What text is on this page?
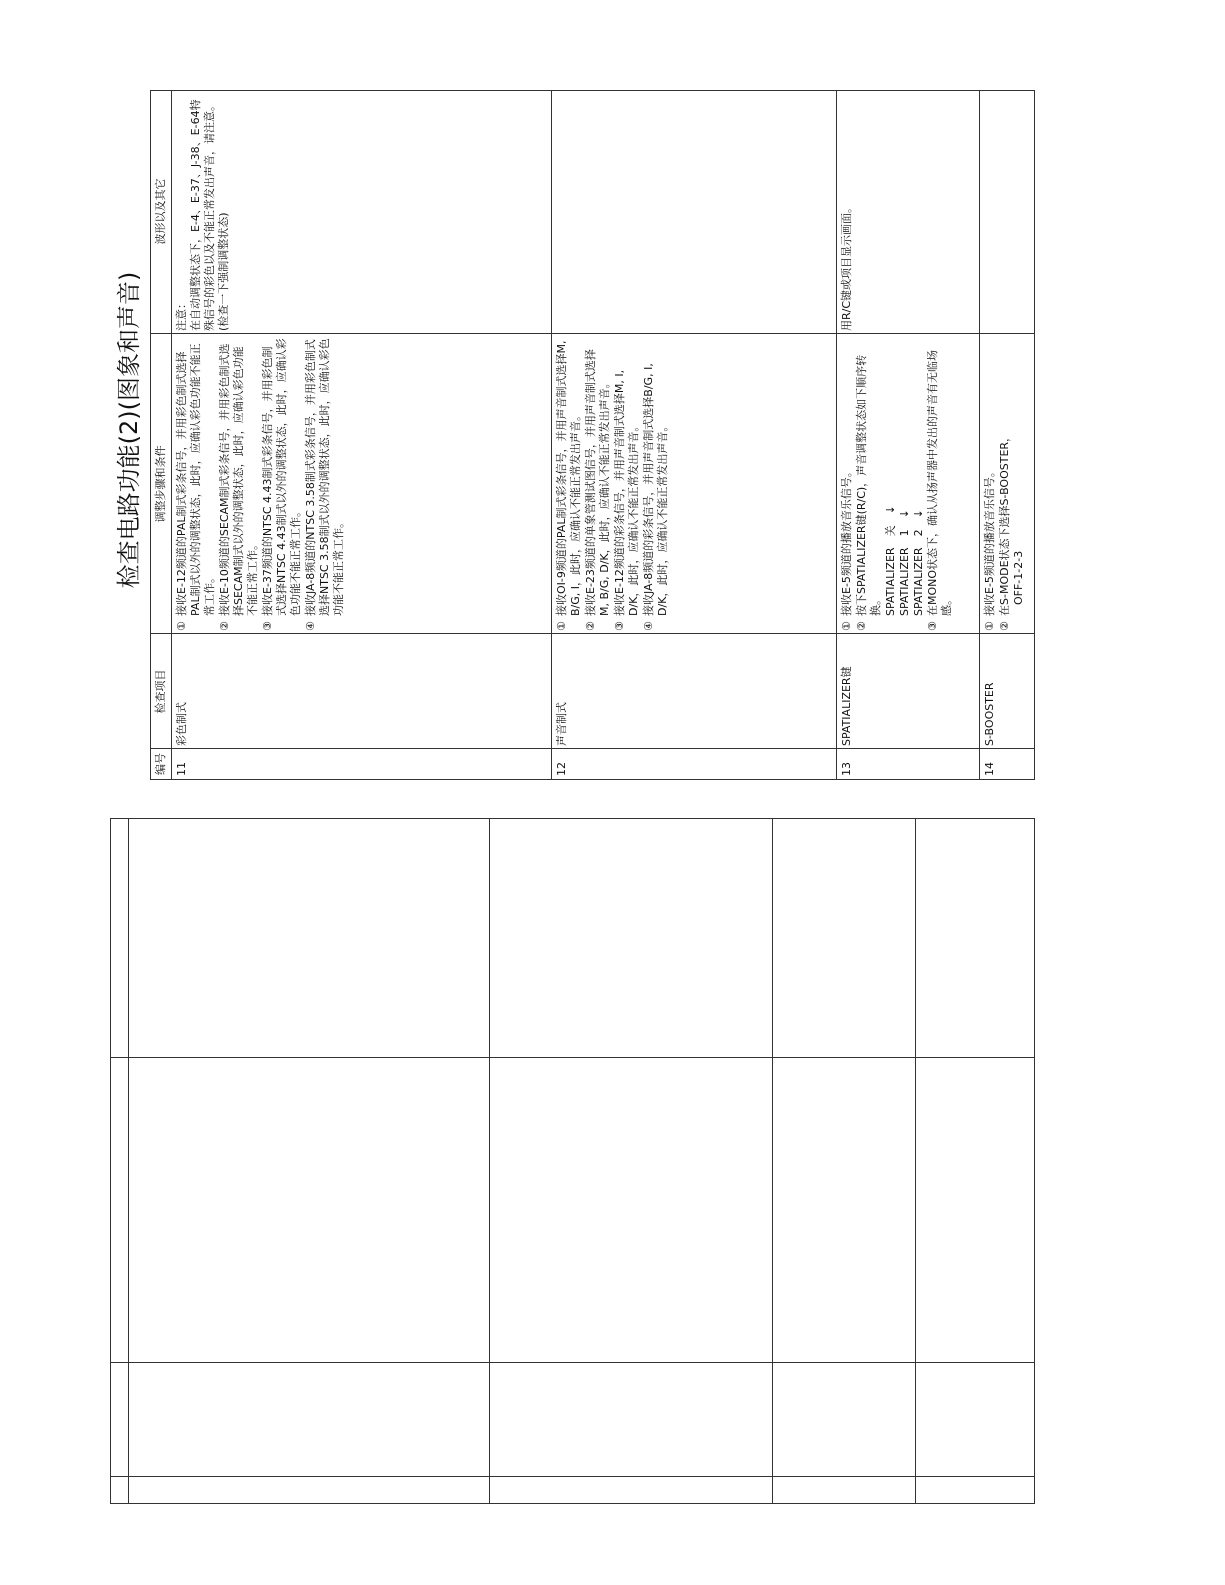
检查电路功能(2)(图象和声音)
编号
检查项目
调整步骤和条件
波形以及其它
11
彩色制式
①
接收E-12频道的PAL制式彩条信号，并用彩色制式选择PAL制式以外的调整状态，此时，应确认彩色功能不能正常工作。
②
接收E-10频道的SECAM制式彩条信号，并用彩色制式选择SECAM制式以外的调整状态，此时，应确认彩色功能不能正常工作。
③
接收E-37频道的NTSC 4.43制式彩条信号，并用彩色制式选择NTSC 4.43制式以外的调整状态，此时，应确认彩色功能不能正常工作。
④
接收JA-8频道的NTSC 3.58制式彩条信号，并用彩色制式选择NTSC 3.58制式以外的调整状态，此时，应确认彩色功能不能正常工作。
注意：
在自动调整状态下，E-4、E-37、J-38、E-64特殊信号的彩色以及不能正常发出声音，请注意。(检查一下强制调整状态)
12
声音制式
①
接收OI-9频道的PAL制式彩条信号，并用声音制式选择M, B/G, I，此时，应确认不能正常发出声音。
②
接收E-23频道的单象管测试图信号，并用声音制式选择M, B/G, D/K，此时，应确认不能正常发出声音。
③
接收E-12频道的彩条信号，并用声音制式选择M, I, D/K，此时，应确认不能正常发出声音。
④
接收JA-8频道的彩条信号，并用声音制式选择B/G, I, D/K，此时，应确认不能正常发出声音。
13
SPATIALIZER键
①
接收E-5频道的播放音乐信号。
②
按下SPATIALIZER键(R/C)，声音调整状态如下顺序转换。 SPATIALIZER　关　↓ SPATIALIZER　1　↓ SPATIALIZER　2　↓
③
在MONO状态下，确认从扬声器中发出的声音有无临场感。
用R/C键或项目显示画面。
14
S-BOOSTER
①
接收E-5频道的播放音乐信号。
②
在S-MODE状态下选择S-BOOSTER，
　OFF-1-2-3
